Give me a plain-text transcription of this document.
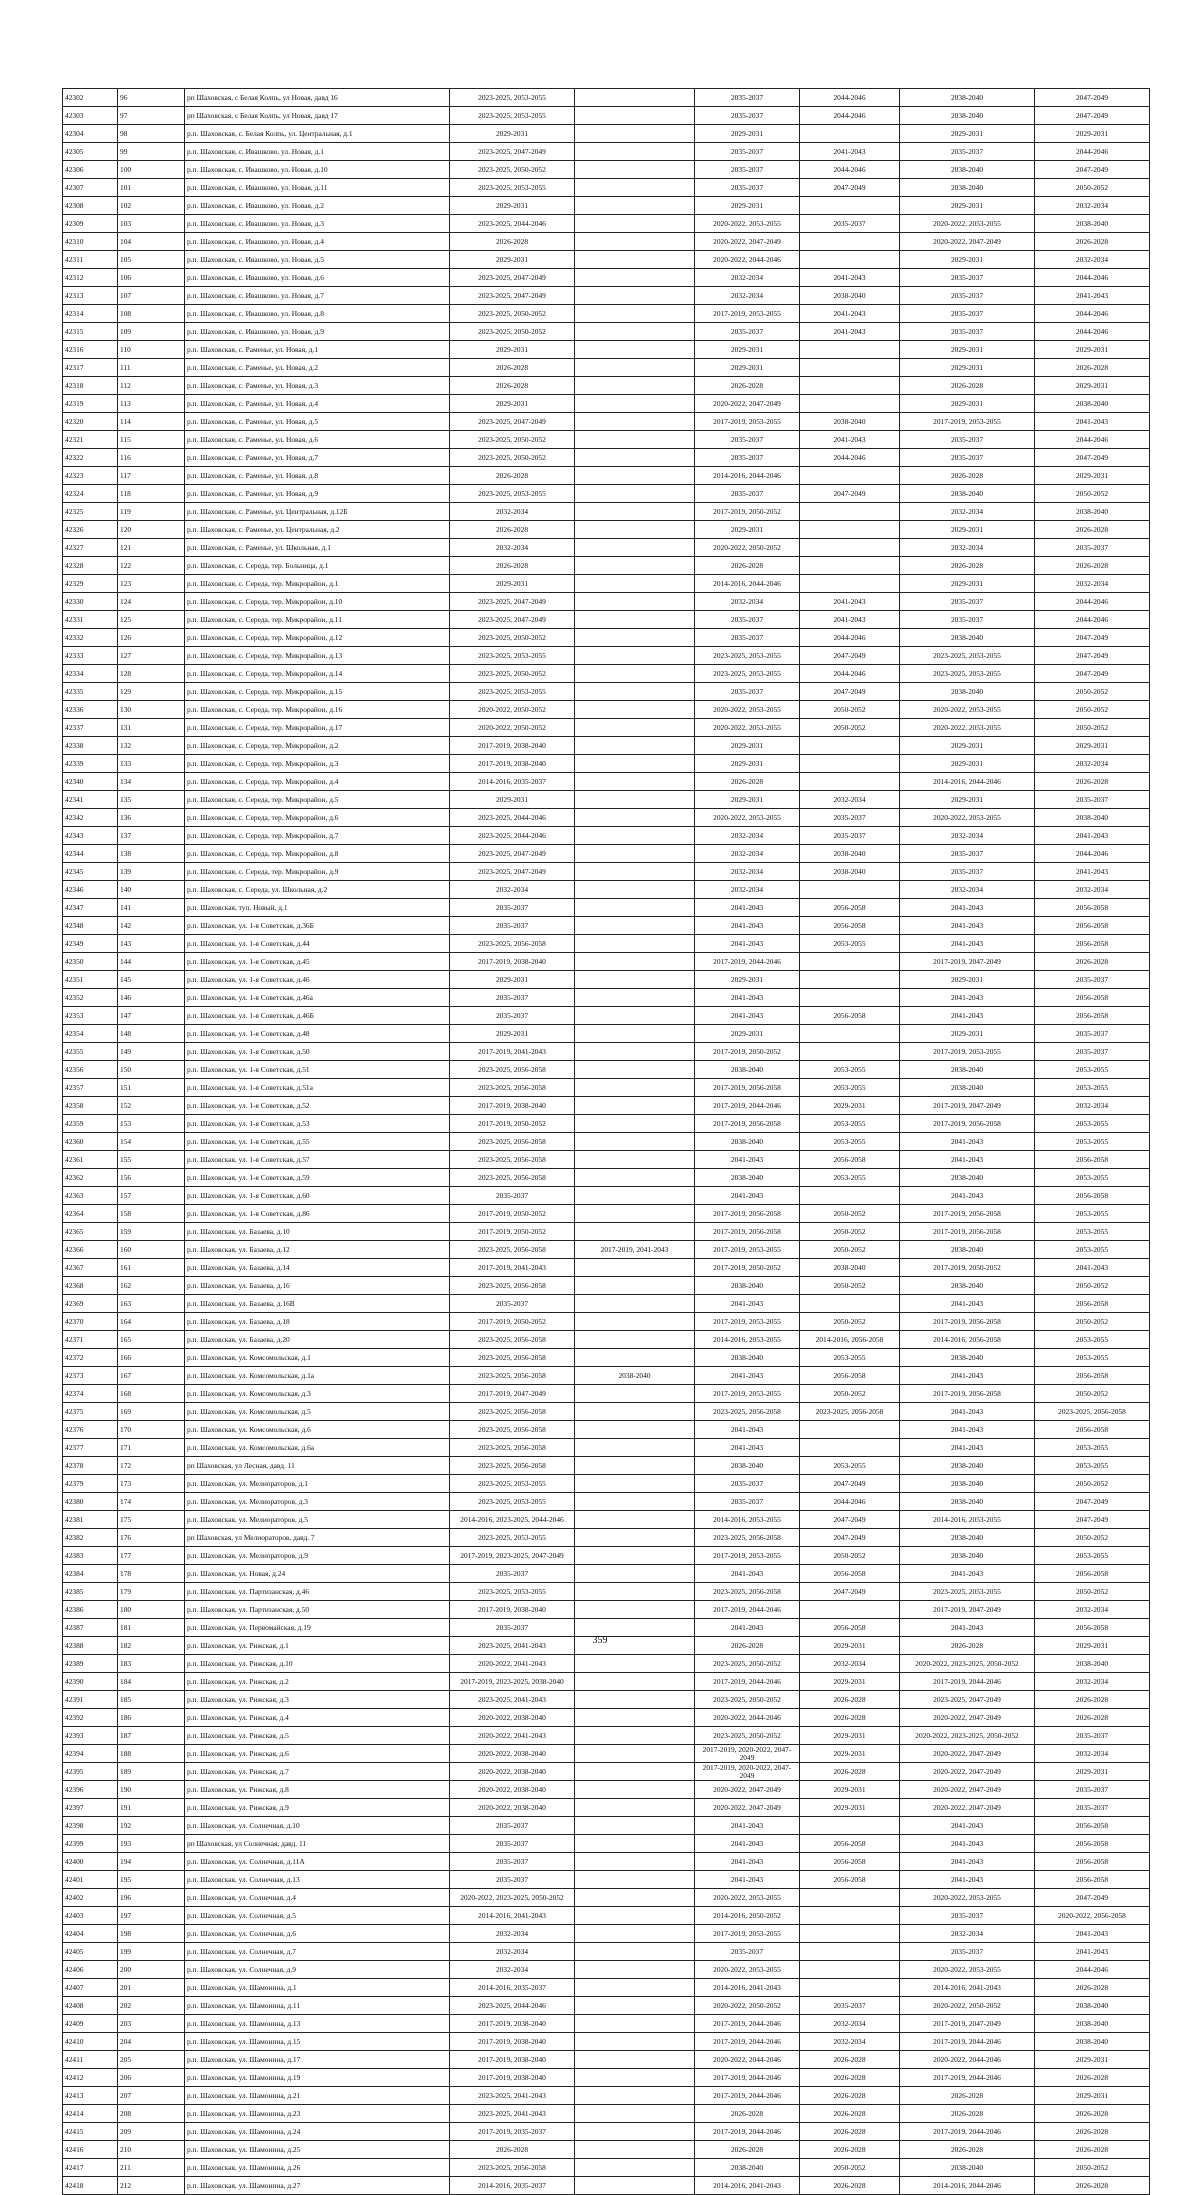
42302	96	рп Шаховская, с Белая Колпь, ул Новая, давд 16	2023-2025, 2053-2055		2035-2037	2044-2046	2038-2040	2047-2049
42303	97	рп Шаховская, с Белая Колпь, ул Новая, давд 17	2023-2025, 2053-2055		2035-2037	2044-2046	2038-2040	2047-2049
42304	98	р.п. Шаховская, с. Белая Колпь, ул. Центральная, д.1	2029-2031		2029-2031		2029-2031	2029-2031
42305	99	р.п. Шаховская, с. Ивашково, ул. Новая, д.1	2023-2025, 2047-2049		2035-2037	2041-2043	2035-2037	2044-2046
42306	100	р.п. Шаховская, с. Ивашково, ул. Новая, д.10	2023-2025, 2050-2052		2035-2037	2044-2046	2038-2040	2047-2049
42307	101	р.п. Шаховская, с. Ивашково, ул. Новая, д.11	2023-2025, 2053-2055		2035-2037	2047-2049	2038-2040	2050-2052
42308	102	р.п. Шаховская, с. Ивашково, ул. Новая, д.2	2029-2031		2029-2031		2029-2031	2032-2034
42309	103	р.п. Шаховская, с. Ивашково, ул. Новая, д.3	2023-2025, 2044-2046		2020-2022, 2053-2055	2035-2037	2020-2022, 2053-2055	2038-2040
42310	104	р.п. Шаховская, с. Ивашково, ул. Новая, д.4	2026-2028		2020-2022, 2047-2049		2020-2022, 2047-2049	2026-2028
42311	105	р.п. Шаховская, с. Ивашково, ул. Новая, д.5	2029-2031		2020-2022, 2044-2046		2029-2031	2032-2034
42312	106	р.п. Шаховская, с. Ивашково, ул. Новая, д.6	2023-2025, 2047-2049		2032-2034	2041-2043	2035-2037	2044-2046
42313	107	р.п. Шаховская, с. Ивашково, ул. Новая, д.7	2023-2025, 2047-2049		2032-2034	2038-2040	2035-2037	2041-2043
42314	108	р.п. Шаховская, с. Ивашково, ул. Новая, д.8	2023-2025, 2050-2052		2017-2019, 2053-2055	2041-2043	2035-2037	2044-2046
42315	109	р.п. Шаховская, с. Ивашково, ул. Новая, д.9	2023-2025, 2050-2052		2035-2037	2041-2043	2035-2037	2044-2046
42316	110	р.п. Шаховская, с. Раменье, ул. Новая, д.1	2029-2031		2029-2031		2029-2031	2029-2031
42317	111	р.п. Шаховская, с. Раменье, ул. Новая, д.2	2026-2028		2029-2031		2029-2031	2026-2028
42318	112	р.п. Шаховская, с. Раменье, ул. Новая, д.3	2026-2028		2026-2028		2026-2028	2029-2031
42319	113	р.п. Шаховская, с. Раменье, ул. Новая, д.4	2029-2031		2020-2022, 2047-2049		2029-2031	2038-2040
42320	114	р.п. Шаховская, с. Раменье, ул. Новая, д.5	2023-2025, 2047-2049		2017-2019, 2053-2055	2038-2040	2017-2019, 2053-2055	2041-2043
42321	115	р.п. Шаховская, с. Раменье, ул. Новая, д.6	2023-2025, 2050-2052		2035-2037	2041-2043	2035-2037	2044-2046
42322	116	р.п. Шаховская, с. Раменье, ул. Новая, д.7	2023-2025, 2050-2052		2035-2037	2044-2046	2035-2037	2047-2049
42323	117	р.п. Шаховская, с. Раменье, ул. Новая, д.8	2026-2028		2014-2016, 2044-2046		2026-2028	2029-2031
42324	118	р.п. Шаховская, с. Раменье, ул. Новая, д.9	2023-2025, 2053-2055		2035-2037	2047-2049	2038-2040	2050-2052
42325	119	р.п. Шаховская, с. Раменье, ул. Центральная, д.12Б	2032-2034		2017-2019, 2050-2052		2032-2034	2038-2040
42326	120	р.п. Шаховская, с. Раменье, ул. Центральная, д.2	2026-2028		2029-2031		2029-2031	2026-2028
42327	121	р.п. Шаховская, с. Раменье, ул. Школьная, д.1	2032-2034		2020-2022, 2050-2052		2032-2034	2035-2037
42328	122	р.п. Шаховская, с. Середа, тер. Больница, д.1	2026-2028		2026-2028		2026-2028	2026-2028
42329	123	р.п. Шаховская, с. Середа, тер. Микрорайон, д.1	2029-2031		2014-2016, 2044-2046		2029-2031	2032-2034
42330	124	р.п. Шаховская, с. Середа, тер. Микрорайон, д.10	2023-2025, 2047-2049		2032-2034	2041-2043	2035-2037	2044-2046
42331	125	р.п. Шаховская, с. Середа, тер. Микрорайон, д.11	2023-2025, 2047-2049		2035-2037	2041-2043	2035-2037	2044-2046
42332	126	р.п. Шаховская, с. Середа, тер. Микрорайон, д.12	2023-2025, 2050-2052		2035-2037	2044-2046	2038-2040	2047-2049
42333	127	р.п. Шаховская, с. Середа, тер. Микрорайон, д.13	2023-2025, 2053-2055		2023-2025, 2053-2055	2047-2049	2023-2025, 2053-2055	2047-2049
42334	128	р.п. Шаховская, с. Середа, тер. Микрорайон, д.14	2023-2025, 2050-2052		2023-2025, 2053-2055	2044-2046	2023-2025, 2053-2055	2047-2049
42335	129	р.п. Шаховская, с. Середа, тер. Микрорайон, д.15	2023-2025, 2053-2055		2035-2037	2047-2049	2038-2040	2050-2052
42336	130	р.п. Шаховская, с. Середа, тер. Микрорайон, д.16	2020-2022, 2050-2052		2020-2022, 2053-2055	2050-2052	2020-2022, 2053-2055	2050-2052
42337	131	р.п. Шаховская, с. Середа, тер. Микрорайон, д.17	2020-2022, 2050-2052		2020-2022, 2053-2055	2050-2052	2020-2022, 2053-2055	2050-2052
42338	132	р.п. Шаховская, с. Середа, тер. Микрорайон, д.2	2017-2019, 2038-2040		2029-2031		2029-2031	2029-2031
42339	133	р.п. Шаховская, с. Середа, тер. Микрорайон, д.3	2017-2019, 2038-2040		2029-2031		2029-2031	2032-2034
42340	134	р.п. Шаховская, с. Середа, тер. Микрорайон, д.4	2014-2016, 2035-2037		2026-2028		2014-2016, 2044-2046	2026-2028
42341	135	р.п. Шаховская, с. Середа, тер. Микрорайон, д.5	2029-2031		2029-2031	2032-2034	2029-2031	2035-2037
42342	136	р.п. Шаховская, с. Середа, тер. Микрорайон, д.6	2023-2025, 2044-2046		2020-2022, 2053-2055	2035-2037	2020-2022, 2053-2055	2038-2040
42343	137	р.п. Шаховская, с. Середа, тер. Микрорайон, д.7	2023-2025, 2044-2046		2032-2034	2035-2037	2032-2034	2041-2043
42344	138	р.п. Шаховская, с. Середа, тер. Микрорайон, д.8	2023-2025, 2047-2049		2032-2034	2038-2040	2035-2037	2044-2046
42345	139	р.п. Шаховская, с. Середа, тер. Микрорайон, д.9	2023-2025, 2047-2049		2032-2034	2038-2040	2035-2037	2041-2043
42346	140	р.п. Шаховская, с. Середа, ул. Школьная, д.2	2032-2034		2032-2034		2032-2034	2032-2034
42347	141	р.п. Шаховская, туп. Новый, д.1	2035-2037		2041-2043	2056-2058	2041-2043	2056-2058
42348	142	р.п. Шаховская, ул. 1-я Советская, д.36Б	2035-2037		2041-2043	2056-2058	2041-2043	2056-2058
42349	143	р.п. Шаховская, ул. 1-я Советская, д.44	2023-2025, 2056-2058		2041-2043	2053-2055	2041-2043	2056-2058
42350	144	р.п. Шаховская, ул. 1-я Советская, д.45	2017-2019, 2038-2040		2017-2019, 2044-2046		2017-2019, 2047-2049	2026-2028
42351	145	р.п. Шаховская, ул. 1-я Советская, д.46	2029-2031		2029-2031		2029-2031	2035-2037
42352	146	р.п. Шаховская, ул. 1-я Советская, д.46а	2035-2037		2041-2043		2041-2043	2056-2058
42353	147	р.п. Шаховская, ул. 1-я Советская, д.46Б	2035-2037		2041-2043	2056-2058	2041-2043	2056-2058
42354	148	р.п. Шаховская, ул. 1-я Советская, д.48	2029-2031		2029-2031		2029-2031	2035-2037
42355	149	р.п. Шаховская, ул. 1-я Советская, д.50	2017-2019, 2041-2043		2017-2019, 2050-2052		2017-2019, 2053-2055	2035-2037
42356	150	р.п. Шаховская, ул. 1-я Советская, д.51	2023-2025, 2056-2058		2038-2040	2053-2055	2038-2040	2053-2055
42357	151	р.п. Шаховская, ул. 1-я Советская, д.51а	2023-2025, 2056-2058		2017-2019, 2056-2058	2053-2055	2038-2040	2053-2055
42358	152	р.п. Шаховская, ул. 1-я Советская, д.52	2017-2019, 2038-2040		2017-2019, 2044-2046	2029-2031	2017-2019, 2047-2049	2032-2034
42359	153	р.п. Шаховская, ул. 1-я Советская, д.53	2017-2019, 2050-2052		2017-2019, 2056-2058	2053-2055	2017-2019, 2056-2058	2053-2055
42360	154	р.п. Шаховская, ул. 1-я Советская, д.55	2023-2025, 2056-2058		2038-2040	2053-2055	2041-2043	2053-2055
42361	155	р.п. Шаховская, ул. 1-я Советская, д.57	2023-2025, 2056-2058		2041-2043	2056-2058	2041-2043	2056-2058
42362	156	р.п. Шаховская, ул. 1-я Советская, д.59	2023-2025, 2056-2058		2038-2040	2053-2055	2038-2040	2053-2055
42363	157	р.п. Шаховская, ул. 1-я Советская, д.60	2035-2037		2041-2043		2041-2043	2056-2058
42364	158	р.п. Шаховская, ул. 1-я Советская, д.86	2017-2019, 2050-2052		2017-2019, 2056-2058	2050-2052	2017-2019, 2056-2058	2053-2055
42365	159	р.п. Шаховская, ул. Базаева, д.10	2017-2019, 2050-2052		2017-2019, 2056-2058	2050-2052	2017-2019, 2056-2058	2053-2055
42366	160	р.п. Шаховская, ул. Базаева, д.12	2023-2025, 2056-2058	2017-2019, 2041-2043	2017-2019, 2053-2055	2050-2052	2038-2040	2053-2055
42367	161	р.п. Шаховская, ул. Базаева, д.14	2017-2019, 2041-2043		2017-2019, 2050-2052	2038-2040	2017-2019, 2050-2052	2041-2043
42368	162	р.п. Шаховская, ул. Базаева, д.16	2023-2025, 2056-2058		2038-2040	2050-2052	2038-2040	2050-2052
42369	163	р.п. Шаховская, ул. Базаева, д.16В	2035-2037		2041-2043		2041-2043	2056-2058
42370	164	р.п. Шаховская, ул. Базаева, д.18	2017-2019, 2050-2052		2017-2019, 2053-2055	2050-2052	2017-2019, 2056-2058	2050-2052
42371	165	р.п. Шаховская, ул. Базаева, д.20	2023-2025, 2056-2058		2014-2016, 2053-2055	2014-2016, 2056-2058	2014-2016, 2056-2058	2053-2055
42372	166	р.п. Шаховская, ул. Комсомольская, д.1	2023-2025, 2056-2058		2038-2040	2053-2055	2038-2040	2053-2055
42373	167	р.п. Шаховская, ул. Комсомольская, д.1а	2023-2025, 2056-2058	2038-2040	2041-2043	2056-2058	2041-2043	2056-2058
42374	168	р.п. Шаховская, ул. Комсомольская, д.3	2017-2019, 2047-2049		2017-2019, 2053-2055	2050-2052	2017-2019, 2056-2058	2050-2052
42375	169	р.п. Шаховская, ул. Комсомольская, д.5	2023-2025, 2056-2058		2023-2025, 2056-2058	2023-2025, 2056-2058	2041-2043	2023-2025, 2056-2058
42376	170	р.п. Шаховская, ул. Комсомольская, д.6	2023-2025, 2056-2058		2041-2043		2041-2043	2056-2058
42377	171	р.п. Шаховская, ул. Комсомольская, д.6а	2023-2025, 2056-2058		2041-2043		2041-2043	2053-2055
42378	172	рп Шаховская, ул Лесная, давд. 11	2023-2025, 2056-2058		2038-2040	2053-2055	2038-2040	2053-2055
42379	173	р.п. Шаховская, ул. Мелиораторов, д.1	2023-2025, 2053-2055		2035-2037	2047-2049	2038-2040	2050-2052
42380	174	р.п. Шаховская, ул. Мелиораторов, д.3	2023-2025, 2053-2055		2035-2037	2044-2046	2038-2040	2047-2049
42381	175	р.п. Шаховская, ул. Мелиораторов, д.5	2014-2016, 2023-2025, 2044-2046		2014-2016, 2053-2055	2047-2049	2014-2016, 2053-2055	2047-2049
42382	176	рп Шаховская, ул Мелиораторов, давд. 7	2023-2025, 2053-2055		2023-2025, 2056-2058	2047-2049	2038-2040	2050-2052
42383	177	р.п. Шаховская, ул. Мелиораторов, д.9	2017-2019, 2023-2025, 2047-2049		2017-2019, 2053-2055	2050-2052	2038-2040	2053-2055
42384	178	р.п. Шаховская, ул. Новая, д.24	2035-2037		2041-2043	2056-2058	2041-2043	2056-2058
42385	179	р.п. Шаховская, ул. Партизанская, д.46	2023-2025, 2053-2055		2023-2025, 2056-2058	2047-2049	2023-2025, 2053-2055	2050-2052
42386	180	р.п. Шаховская, ул. Партизанская, д.50	2017-2019, 2038-2040		2017-2019, 2044-2046		2017-2019, 2047-2049	2032-2034
42387	181	р.п. Шаховская, ул. Первомайская, д.19	2035-2037		2041-2043	2056-2058	2041-2043	2056-2058
42388	182	р.п. Шаховская, ул. Рижская, д.1	2023-2025, 2041-2043		2026-2028	2029-2031	2026-2028	2029-2031
42389	183	р.п. Шаховская, ул. Рижская, д.10	2020-2022, 2041-2043		2023-2025, 2050-2052	2032-2034	2020-2022, 2023-2025, 2050-2052	2038-2040
42390	184	р.п. Шаховская, ул. Рижская, д.2	2017-2019, 2023-2025, 2038-2040		2017-2019, 2044-2046	2029-2031	2017-2019, 2044-2046	2032-2034
42391	185	р.п. Шаховская, ул. Рижская, д.3	2023-2025, 2041-2043		2023-2025, 2050-2052	2026-2028	2023-2025, 2047-2049	2026-2028
42392	186	р.п. Шаховская, ул. Рижская, д.4	2020-2022, 2038-2040		2020-2022, 2044-2046	2026-2028	2020-2022, 2047-2049	2026-2028
42393	187	р.п. Шаховская, ул. Рижская, д.5	2020-2022, 2041-2043		2023-2025, 2050-2052	2029-2031	2020-2022, 2023-2025, 2050-2052	2035-2037
42394	188	р.п. Шаховская, ул. Рижская, д.6	2020-2022, 2038-2040		2017-2019, 2020-2022, 2047-2049	2029-2031	2020-2022, 2047-2049	2032-2034
42395	189	р.п. Шаховская, ул. Рижская, д.7	2020-2022, 2038-2040		2017-2019, 2020-2022, 2047-2049	2026-2028	2020-2022, 2047-2049	2029-2031
42396	190	р.п. Шаховская, ул. Рижская, д.8	2020-2022, 2038-2040		2020-2022, 2047-2049	2029-2031	2020-2022, 2047-2049	2035-2037
42397	191	р.п. Шаховская, ул. Рижская, д.9	2020-2022, 2038-2040		2020-2022, 2047-2049	2029-2031	2020-2022, 2047-2049	2035-2037
42398	192	р.п. Шаховская, ул. Солнечная, д.10	2035-2037		2041-2043		2041-2043	2056-2058
42399	193	рп Шаховская, ул Солнечная, давд. 11	2035-2037		2041-2043	2056-2058	2041-2043	2056-2058
42400	194	р.п. Шаховская, ул. Солнечная, д.11А	2035-2037		2041-2043	2056-2058	2041-2043	2056-2058
42401	195	р.п. Шаховская, ул. Солнечная, д.13	2035-2037		2041-2043	2056-2058	2041-2043	2056-2058
42402	196	р.п. Шаховская, ул. Солнечная, д.4	2020-2022, 2023-2025, 2050-2052		2020-2022, 2053-2055		2020-2022, 2053-2055	2047-2049
42403	197	р.п. Шаховская, ул. Солнечная, д.5	2014-2016, 2041-2043		2014-2016, 2050-2052		2035-2037	2020-2022, 2056-2058
42404	198	р.п. Шаховская, ул. Солнечная, д.6	2032-2034		2017-2019, 2053-2055		2032-2034	2041-2043
42405	199	р.п. Шаховская, ул. Солнечная, д.7	2032-2034		2035-2037		2035-2037	2041-2043
42406	200	р.п. Шаховская, ул. Солнечная, д.9	2032-2034		2020-2022, 2053-2055		2020-2022, 2053-2055	2044-2046
42407	201	р.п. Шаховская, ул. Шамонина, д.1	2014-2016, 2035-2037		2014-2016, 2041-2043		2014-2016, 2041-2043	2026-2028
42408	202	р.п. Шаховская, ул. Шамонина, д.11	2023-2025, 2044-2046		2020-2022, 2050-2052	2035-2037	2020-2022, 2050-2052	2038-2040
42409	203	р.п. Шаховская, ул. Шамонина, д.13	2017-2019, 2038-2040		2017-2019, 2044-2046	2032-2034	2017-2019, 2047-2049	2038-2040
42410	204	р.п. Шаховская, ул. Шамонина, д.15	2017-2019, 2038-2040		2017-2019, 2044-2046	2032-2034	2017-2019, 2044-2046	2038-2040
42411	205	р.п. Шаховская, ул. Шамонина, д.17	2017-2019, 2038-2040		2020-2022, 2044-2046	2026-2028	2020-2022, 2044-2046	2029-2031
42412	206	р.п. Шаховская, ул. Шамонина, д.19	2017-2019, 2038-2040		2017-2019, 2044-2046	2026-2028	2017-2019, 2044-2046	2026-2028
42413	207	р.п. Шаховская, ул. Шамонина, д.21	2023-2025, 2041-2043		2017-2019, 2044-2046	2026-2028	2026-2028	2029-2031
42414	208	р.п. Шаховская, ул. Шамонина, д.23	2023-2025, 2041-2043		2026-2028	2026-2028	2026-2028	2026-2028
42415	209	р.п. Шаховская, ул. Шамонина, д.24	2017-2019, 2035-2037		2017-2019, 2044-2046	2026-2028	2017-2019, 2044-2046	2026-2028
42416	210	р.п. Шаховская, ул. Шамонина, д.25	2026-2028		2026-2028	2026-2028	2026-2028	2026-2028
42417	211	р.п. Шаховская, ул. Шамонина, д.26	2023-2025, 2056-2058		2038-2040	2050-2052	2038-2040	2050-2052
42418	212	р.п. Шаховская, ул. Шамонина, д.27	2014-2016, 2035-2037		2014-2016, 2041-2043	2026-2028	2014-2016, 2044-2046	2026-2028
359
